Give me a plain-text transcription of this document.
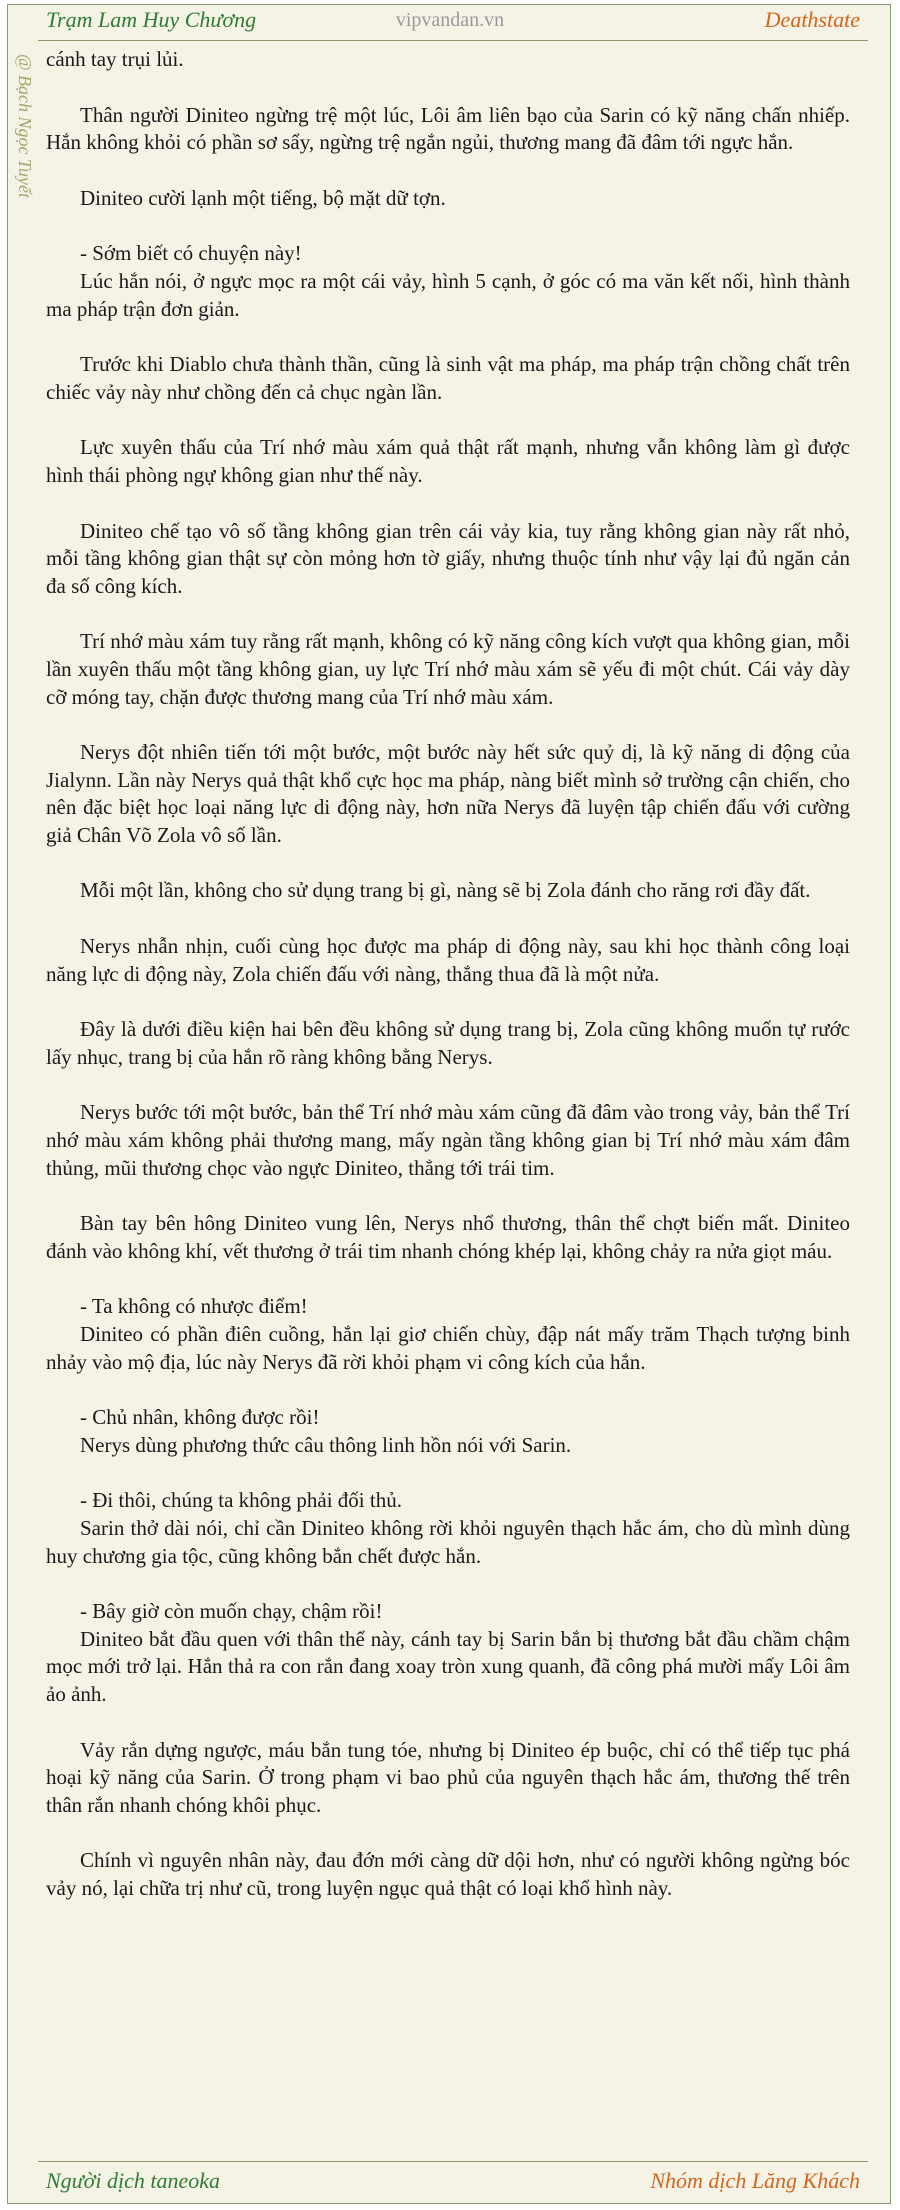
Trạm Lam Huy Chương	vipvandan.vn	Deathstate
@ Bạch Ngọc Tuyết cánh tay trụi lủi.

Thân người Diniteo ngừng trệ một lúc, Lôi âm liên bạo của Sarin có kỹ năng chấn nhiếp. Hắn không khỏi có phần sơ sẩy, ngừng trệ ngắn ngủi, thương mang đã đâm tới ngực hắn.

Diniteo cười lạnh một tiếng, bộ mặt dữ tợn.

- Sớm biết có chuyện này!

Lúc hắn nói, ở ngực mọc ra một cái vảy, hình 5 cạnh, ở góc có ma văn kết nối, hình thành ma pháp trận đơn giản.

Trước khi Diablo chưa thành thần, cũng là sinh vật ma pháp, ma pháp trận chồng chất trên chiếc vảy này như chồng đến cả chục ngàn lần.

Lực xuyên thấu của Trí nhớ màu xám quả thật rất mạnh, nhưng vẫn không làm gì được hình thái phòng ngự không gian như thế này.

Diniteo chế tạo vô số tầng không gian trên cái vảy kia, tuy rằng không gian này rất nhỏ, mỗi tầng không gian thật sự còn mỏng hơn tờ giấy, nhưng thuộc tính như vậy lại đủ ngăn cản đa số công kích.

Trí nhớ màu xám tuy rằng rất mạnh, không có kỹ năng công kích vượt qua không gian, mỗi lần xuyên thấu một tầng không gian, uy lực Trí nhớ màu xám sẽ yếu đi một chút. Cái vảy dày cỡ móng tay, chặn được thương mang của Trí nhớ màu xám.

Nerys đột nhiên tiến tới một bước, một bước này hết sức quỷ dị, là kỹ năng di động của Jialynn. Lần này Nerys quả thật khổ cực học ma pháp, nàng biết mình sở trường cận chiến, cho nên đặc biệt học loại năng lực di động này, hơn nữa Nerys đã luyện tập chiến đấu với cường giả Chân Võ Zola vô số lần.

Mỗi một lần, không cho sử dụng trang bị gì, nàng sẽ bị Zola đánh cho răng rơi đầy đất.

Nerys nhẫn nhịn, cuối cùng học được ma pháp di động này, sau khi học thành công loại năng lực di động này, Zola chiến đấu với nàng, thắng thua đã là một nửa.

Đây là dưới điều kiện hai bên đều không sử dụng trang bị, Zola cũng không muốn tự rước lấy nhục, trang bị của hắn rõ ràng không bằng Nerys.

Nerys bước tới một bước, bản thể Trí nhớ màu xám cũng đã đâm vào trong vảy, bản thể Trí nhớ màu xám không phải thương mang, mấy ngàn tầng không gian bị Trí nhớ màu xám đâm thủng, mũi thương chọc vào ngực Diniteo, thẳng tới trái tim.

Bàn tay bên hông Diniteo vung lên, Nerys nhổ thương, thân thể chợt biến mất. Diniteo đánh vào không khí, vết thương ở trái tim nhanh chóng khép lại, không chảy ra nửa giọt máu.

- Ta không có nhược điểm!

Diniteo có phần điên cuồng, hắn lại giơ chiến chùy, đập nát mấy trăm Thạch tượng binh nhảy vào mộ địa, lúc này Nerys đã rời khỏi phạm vi công kích của hắn.

- Chủ nhân, không được rồi!

Nerys dùng phương thức câu thông linh hồn nói với Sarin.

- Đi thôi, chúng ta không phải đối thủ.

Sarin thở dài nói, chỉ cần Diniteo không rời khỏi nguyên thạch hắc ám, cho dù mình dùng huy chương gia tộc, cũng không bắn chết được hắn.

- Bây giờ còn muốn chạy, chậm rồi!

Diniteo bắt đầu quen với thân thể này, cánh tay bị Sarin bắn bị thương bắt đầu chầm chậm mọc mới trở lại. Hắn thả ra con rắn đang xoay tròn xung quanh, đã công phá mười mấy Lôi âm ảo ảnh.

Vảy rắn dựng ngược, máu bắn tung tóe, nhưng bị Diniteo ép buộc, chỉ có thể tiếp tục phá hoại kỹ năng của Sarin. Ở trong phạm vi bao phủ của nguyên thạch hắc ám, thương thế trên thân rắn nhanh chóng khôi phục.

Chính vì nguyên nhân này, đau đớn mới càng dữ dội hơn, như có người không ngừng bóc vảy nó, lại chữa trị như cũ, trong luyện ngục quả thật có loại khổ hình này.

Người dịch taneoka	Nhóm dịch Lăng Khách
